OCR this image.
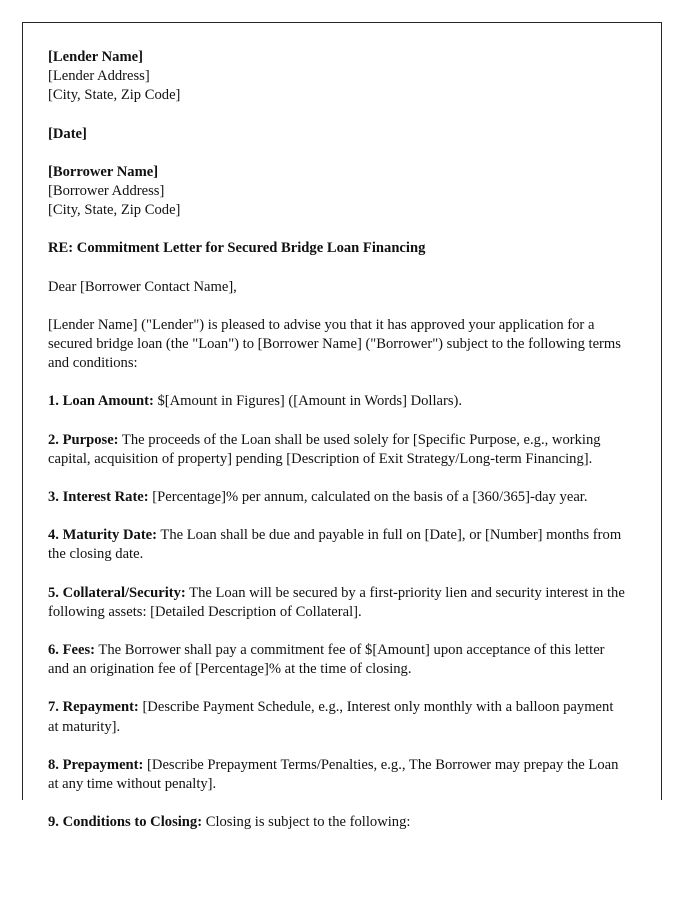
[Lender Name]
[Lender Address]
[City, State, Zip Code]
[Date]
[Borrower Name]
[Borrower Address]
[City, State, Zip Code]
RE: Commitment Letter for Secured Bridge Loan Financing
Dear [Borrower Contact Name],
[Lender Name] ("Lender") is pleased to advise you that it has approved your application for a secured bridge loan (the "Loan") to [Borrower Name] ("Borrower") subject to the following terms and conditions:

1. Loan Amount: $[Amount in Figures] ([Amount in Words] Dollars).

2. Purpose: The proceeds of the Loan shall be used solely for [Specific Purpose, e.g., working capital, acquisition of property] pending [Description of Exit Strategy/Long-term Financing].

3. Interest Rate: [Percentage]% per annum, calculated on the basis of a [360/365]-day year.

4. Maturity Date: The Loan shall be due and payable in full on [Date], or [Number] months from the closing date.

5. Collateral/Security: The Loan will be secured by a first-priority lien and security interest in the following assets: [Detailed Description of Collateral].

6. Fees: The Borrower shall pay a commitment fee of $[Amount] upon acceptance of this letter and an origination fee of [Percentage]% at the time of closing.

7. Repayment: [Describe Payment Schedule, e.g., Interest only monthly with a balloon payment at maturity].

8. Prepayment: [Describe Prepayment Terms/Penalties, e.g., The Borrower may prepay the Loan at any time without penalty].

9. Conditions to Closing: Closing is subject to the following:
